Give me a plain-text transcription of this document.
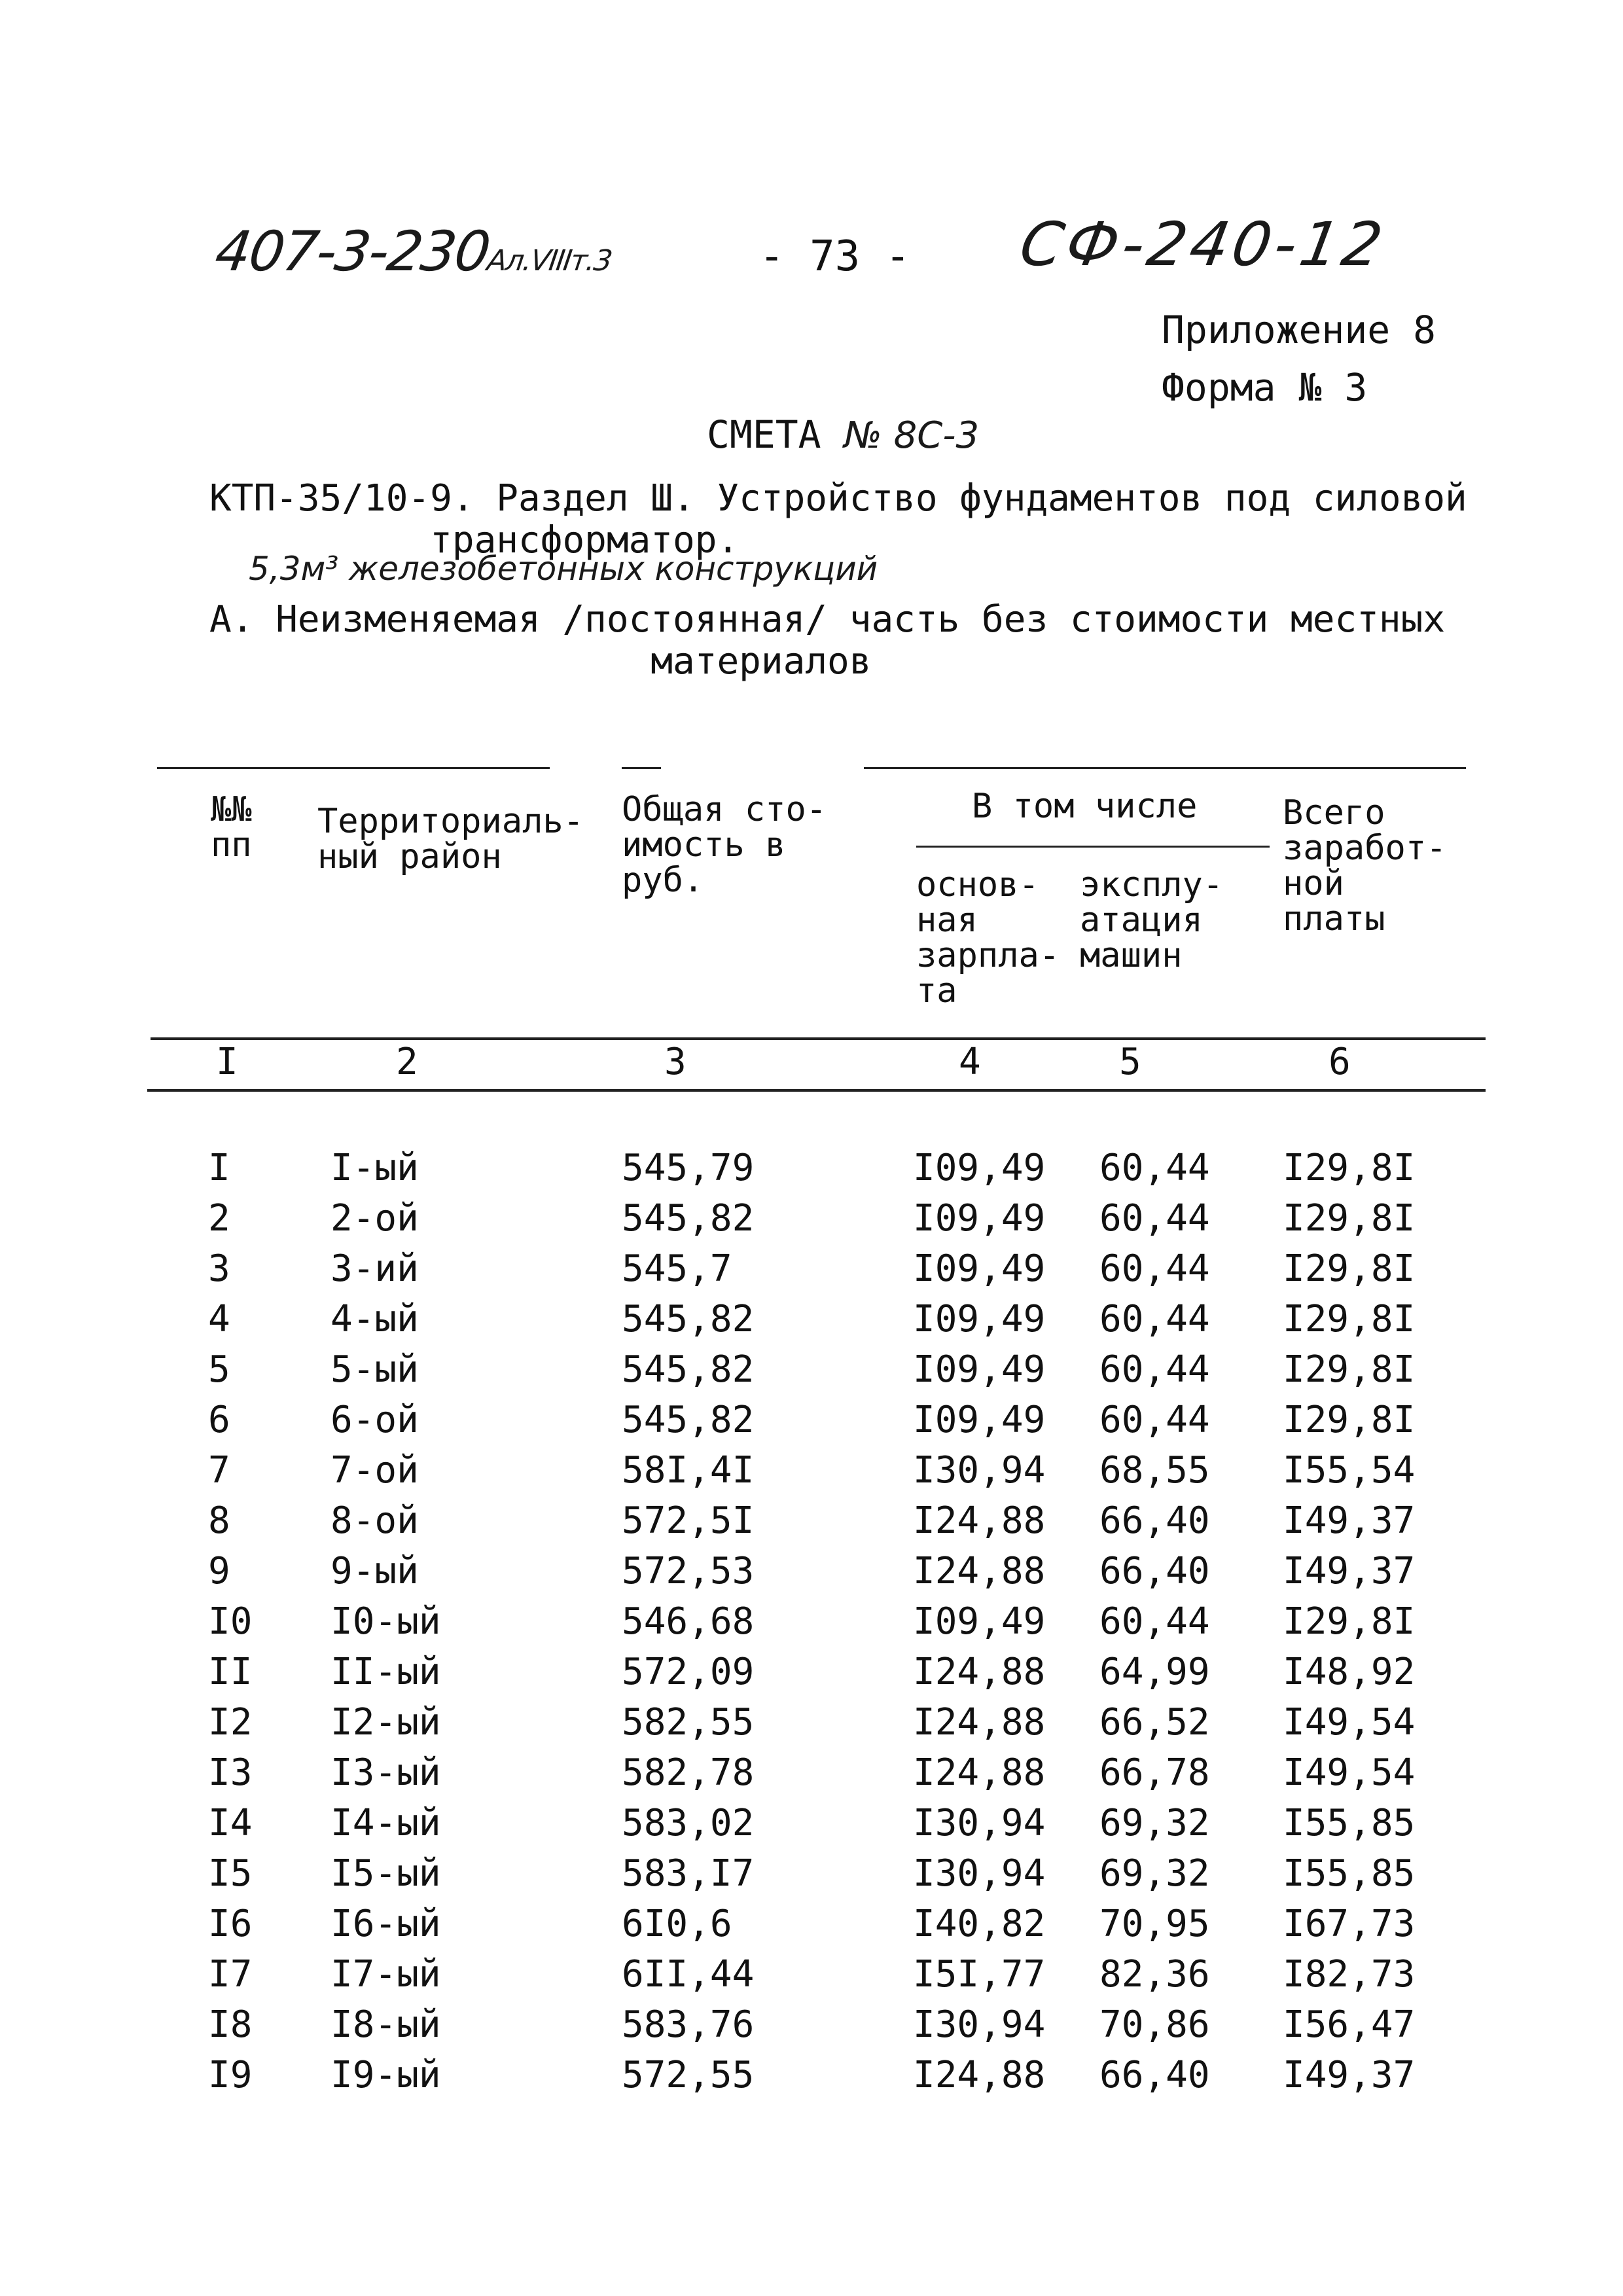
407-3-230Ал.VIIIт.3	- 73 - СФ-240-12
Приложение 8
Форма № 3
СМЕТА № 8С-3
КТП-35/10-9. Раздел Ш. Устройство фундаментов под силовой
трансформатор.
5,3м³ железобетонных конструкций
А. Неизменяемая /постоянная/ часть без стоимости местных
материалов
№№
пп
Территориаль-
ный район
Общая сто-
имость в
руб.
В том числе
основ-
ная
зарпла-
та
эксплу-
атация
машин
Всего
заработ-
ной
платы
I	2	3	4	5	6
I	I-ый	545,79	I09,49 60,44 I29,8I
2	2-ой	545,82	I09,49 60,44 I29,8I
3	3-ий	545,7	I09,49 60,44 I29,8I
4	4-ый	545,82	I09,49 60,44 I29,8I
5	5-ый	545,82	I09,49 60,44 I29,8I
6	6-ой	545,82	I09,49 60,44 I29,8I
7	7-ой	58I,4I	I30,94 68,55 I55,54
8	8-ой	572,5I	I24,88 66,40 I49,37
9	9-ый	572,53	I24,88 66,40 I49,37
I0 I0-ый	546,68	I09,49 60,44 I29,8I
II II-ый	572,09	I24,88 64,99 I48,92
I2 I2-ый	582,55	I24,88 66,52 I49,54
I3 I3-ый	582,78	I24,88 66,78 I49,54
I4 I4-ый	583,02	I30,94 69,32 I55,85
I5 I5-ый	583,I7	I30,94 69,32 I55,85
I6 I6-ый	6I0,6	I40,82 70,95 I67,73
I7 I7-ый	6II,44	I5I,77 82,36 I82,73
I8 I8-ый	583,76	I30,94 70,86 I56,47
I9 I9-ый	572,55	I24,88 66,40 I49,37
